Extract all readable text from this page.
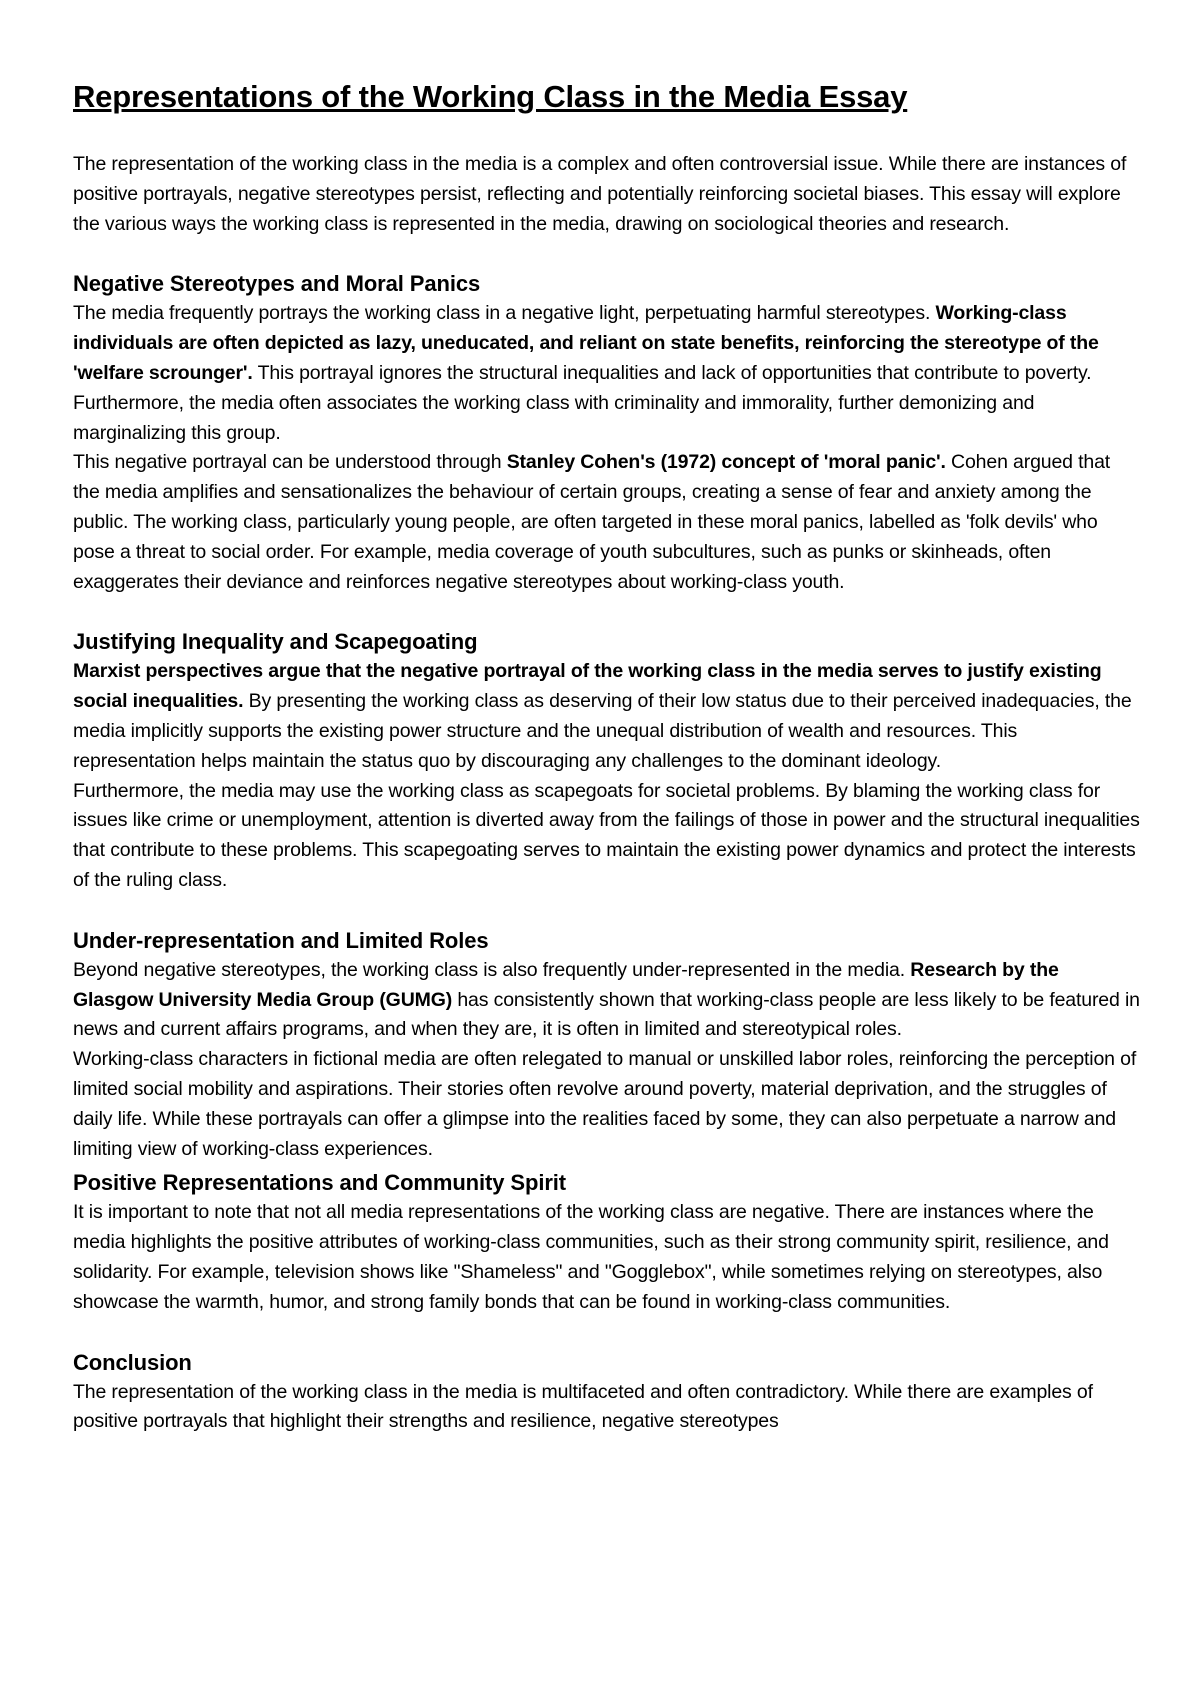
Representations of the Working Class in the Media Essay

The representation of the working class in the media is a complex and often controversial issue. While there are instances of positive portrayals, negative stereotypes persist, reflecting and potentially reinforcing societal biases. This essay will explore the various ways the working class is represented in the media, drawing on sociological theories and research.

Negative Stereotypes and Moral Panics

The media frequently portrays the working class in a negative light, perpetuating harmful stereotypes. Working-class individuals are often depicted as lazy, uneducated, and reliant on state benefits, reinforcing the stereotype of the 'welfare scrounger'. This portrayal ignores the structural inequalities and lack of opportunities that contribute to poverty. Furthermore, the media often associates the working class with criminality and immorality, further demonizing and marginalizing this group.

This negative portrayal can be understood through Stanley Cohen's (1972) concept of 'moral panic'. Cohen argued that the media amplifies and sensationalizes the behaviour of certain groups, creating a sense of fear and anxiety among the public. The working class, particularly young people, are often targeted in these moral panics, labelled as 'folk devils' who pose a threat to social order. For example, media coverage of youth subcultures, such as punks or skinheads, often exaggerates their deviance and reinforces negative stereotypes about working-class youth.

Justifying Inequality and Scapegoating

Marxist perspectives argue that the negative portrayal of the working class in the media serves to justify existing social inequalities. By presenting the working class as deserving of their low status due to their perceived inadequacies, the media implicitly supports the existing power structure and the unequal distribution of wealth and resources. This representation helps maintain the status quo by discouraging any challenges to the dominant ideology.

Furthermore, the media may use the working class as scapegoats for societal problems. By blaming the working class for issues like crime or unemployment, attention is diverted away from the failings of those in power and the structural inequalities that contribute to these problems. This scapegoating serves to maintain the existing power dynamics and protect the interests of the ruling class.

Under-representation and Limited Roles

Beyond negative stereotypes, the working class is also frequently under-represented in the media. Research by the Glasgow University Media Group (GUMG) has consistently shown that working-class people are less likely to be featured in news and current affairs programs, and when they are, it is often in limited and stereotypical roles.

Working-class characters in fictional media are often relegated to manual or unskilled labor roles, reinforcing the perception of limited social mobility and aspirations. Their stories often revolve around poverty, material deprivation, and the struggles of daily life. While these portrayals can offer a glimpse into the realities faced by some, they can also perpetuate a narrow and limiting view of working-class experiences.

Positive Representations and Community Spirit

It is important to note that not all media representations of the working class are negative. There are instances where the media highlights the positive attributes of working-class communities, such as their strong community spirit, resilience, and solidarity. For example, television shows like "Shameless" and "Gogglebox", while sometimes relying on stereotypes, also showcase the warmth, humor, and strong family bonds that can be found in working-class communities.

Conclusion

The representation of the working class in the media is multifaceted and often contradictory. While there are examples of positive portrayals that highlight their strengths and resilience, negative stereotypes
